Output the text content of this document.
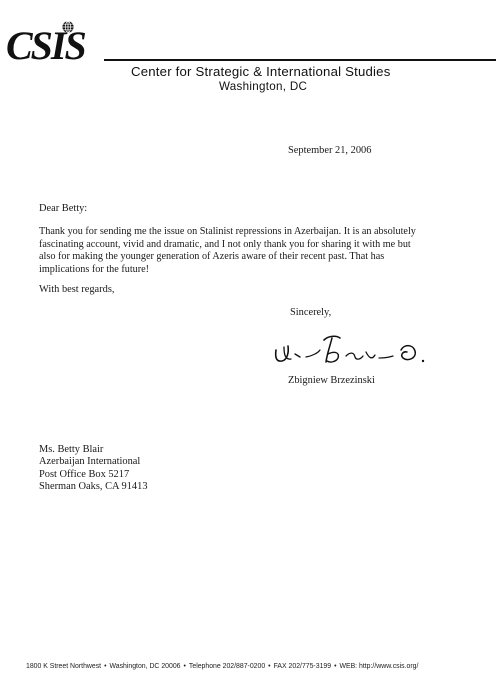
CSIS
Center for Strategic & International Studies
Washington, DC
September 21, 2006
Dear Betty:
Thank you for sending me the issue on Stalinist repressions in Azerbaijan. It is an absolutely
fascinating account, vivid and dramatic, and I not only thank you for sharing it with me but
also for making the younger generation of Azeris aware of their recent past. That has
implications for the future!
With best regards,
Sincerely,
Zbigniew Brzezinski
Ms. Betty Blair
Azerbaijan International
Post Office Box 5217
Sherman Oaks, CA 91413
1800 K Street Northwest • Washington, DC 20006 • Telephone 202/887-0200 • FAX 202/775-3199 • WEB: http://www.csis.org/
